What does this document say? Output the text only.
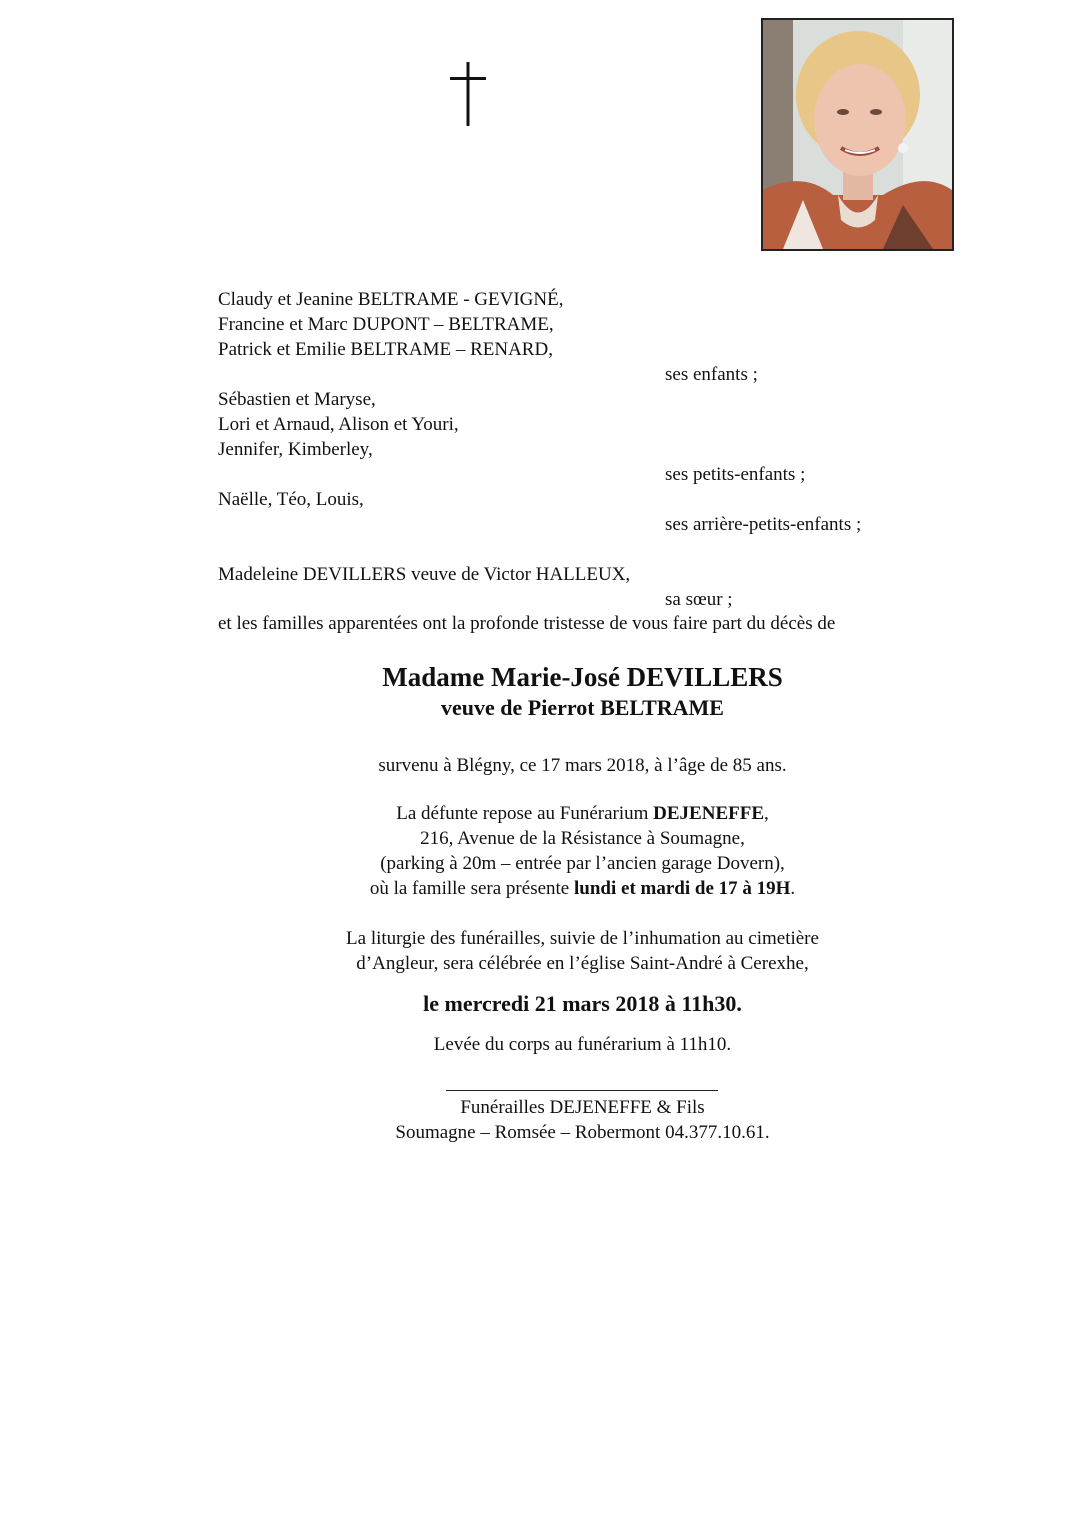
Claudy et Jeanine BELTRAME - GEVIGNÉ,
Francine et Marc DUPONT – BELTRAME,
Patrick et Emilie BELTRAME – RENARD,
ses enfants ;
Sébastien et Maryse,
Lori et Arnaud, Alison et Youri,
Jennifer, Kimberley,
ses petits-enfants ;
Naëlle, Téo, Louis,
ses arrière-petits-enfants ;
Madeleine DEVILLERS veuve de Victor HALLEUX,
sa sœur ;
et les familles apparentées ont la profonde tristesse de vous faire part du décès de
Madame Marie-José DEVILLERS
veuve de Pierrot BELTRAME
survenu à Blégny, ce 17 mars 2018, à l’âge de 85 ans.
La défunte repose au Funérarium DEJENEFFE,
216, Avenue de la Résistance à Soumagne,
(parking à 20m – entrée par l’ancien garage Dovern),
où la famille sera présente lundi et mardi de 17 à 19H.
La liturgie des funérailles, suivie de l’inhumation au cimetière
d’Angleur, sera célébrée en l’église Saint-André à Cerexhe,
le mercredi 21 mars 2018 à 11h30.
Levée du corps au funérarium à 11h10.
Funérailles DEJENEFFE & Fils
Soumagne – Romsée – Robermont 04.377.10.61.
